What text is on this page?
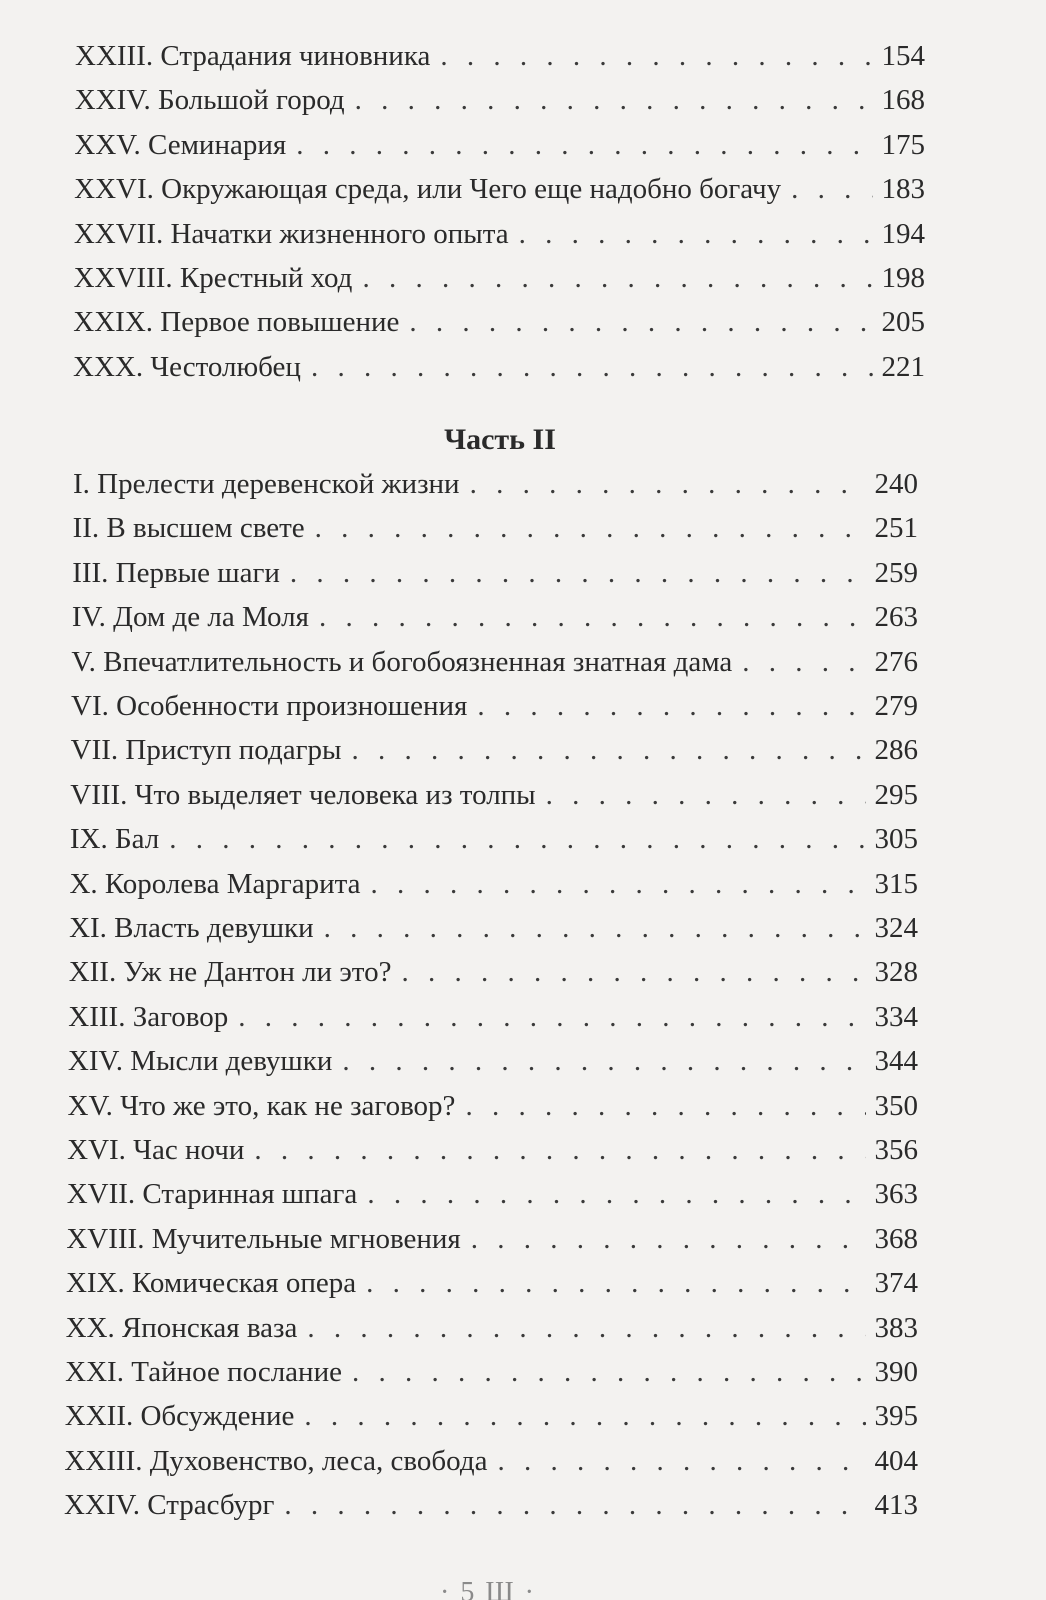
XXIII. Страдания чиновника . . .	154
XXIV. Большой город . . .	168
XXV. Семинария . . .	175
XXVI. Окружающая среда, или Чего еще надобно богачу . . .	183
XXVII. Начатки жизненного опыта . . .	194
XXVIII. Крестный ход . . .	198
XXIX. Первое повышение . . .	205
XXX. Честолюбец . . .	221
Часть II
I. Прелести деревенской жизни . . .	240
II. В высшем свете . . .	251
III. Первые шаги . . .	259
IV. Дом де ла Моля . . .	263
V. Впечатлительность и богобоязненная знатная дама . . .	276
VI. Особенности произношения . . .	279
VII. Приступ подагры . . .	286
VIII. Что выделяет человека из толпы . . .	295
IX. Бал . . .	305
X. Королева Маргарита . . .	315
XI. Власть девушки . . .	324
XII. Уж не Дантон ли это? . . .	328
XIII. Заговор . . .	334
XIV. Мысли девушки . . .	344
XV. Что же это, как не заговор? . . .	350
XVI. Час ночи . . .	356
XVII. Старинная шпага . . .	363
XVIII. Мучительные мгновения . . .	368
XIX. Комическая опера . . .	374
XX. Японская ваза . . .	383
XXI. Тайное послание . . .	390
XXII. Обсуждение . . .	395
XXIII. Духовенство, леса, свобода . . .	404
XXIV. Страсбург . . .	413
· 5 Ш ·
